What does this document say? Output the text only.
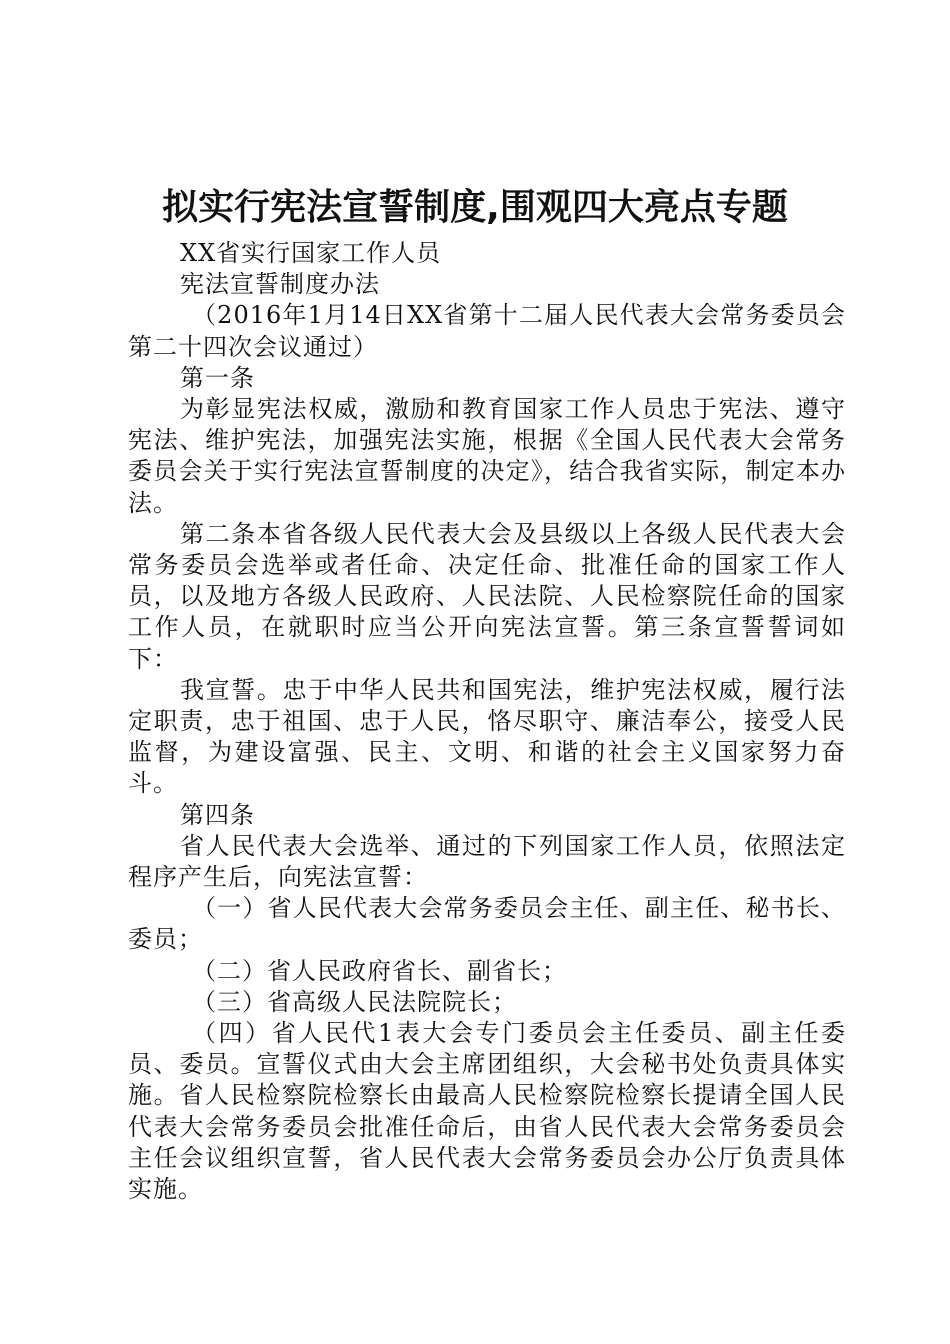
拟实行宪法宣誓制度,围观四大亮点专题

XX省实行国家工作人员

宪法宣誓制度办法

（2016年1月14日XX省第十二届人民代表大会常务委员会第二十四次会议通过）

第一条

为彰显宪法权威，激励和教育国家工作人员忠于宪法、遵守宪法、维护宪法，加强宪法实施，根据《全国人民代表大会常务委员会关于实行宪法宣誓制度的决定》，结合我省实际，制定本办法。

第二条本省各级人民代表大会及县级以上各级人民代表大会常务委员会选举或者任命、决定任命、批准任命的国家工作人员，以及地方各级人民政府、人民法院、人民检察院任命的国家工作人员，在就职时应当公开向宪法宣誓。第三条宣誓誓词如下：

我宣誓。忠于中华人民共和国宪法，维护宪法权威，履行法定职责，忠于祖国、忠于人民，恪尽职守、廉洁奉公，接受人民监督，为建设富强、民主、文明、和谐的社会主义国家努力奋斗。

第四条

省人民代表大会选举、通过的下列国家工作人员，依照法定程序产生后，向宪法宣誓：

（一）省人民代表大会常务委员会主任、副主任、秘书长、委员；

（二）省人民政府省长、副省长；

（三）省高级人民法院院长；

（四）省人民代1表大会专门委员会主任委员、副主任委员、委员。宣誓仪式由大会主席团组织，大会秘书处负责具体实施。省人民检察院检察长由最高人民检察院检察长提请全国人民代表大会常务委员会批准任命后，由省人民代表大会常务委员会主任会议组织宣誓，省人民代表大会常务委员会办公厅负责具体实施。
